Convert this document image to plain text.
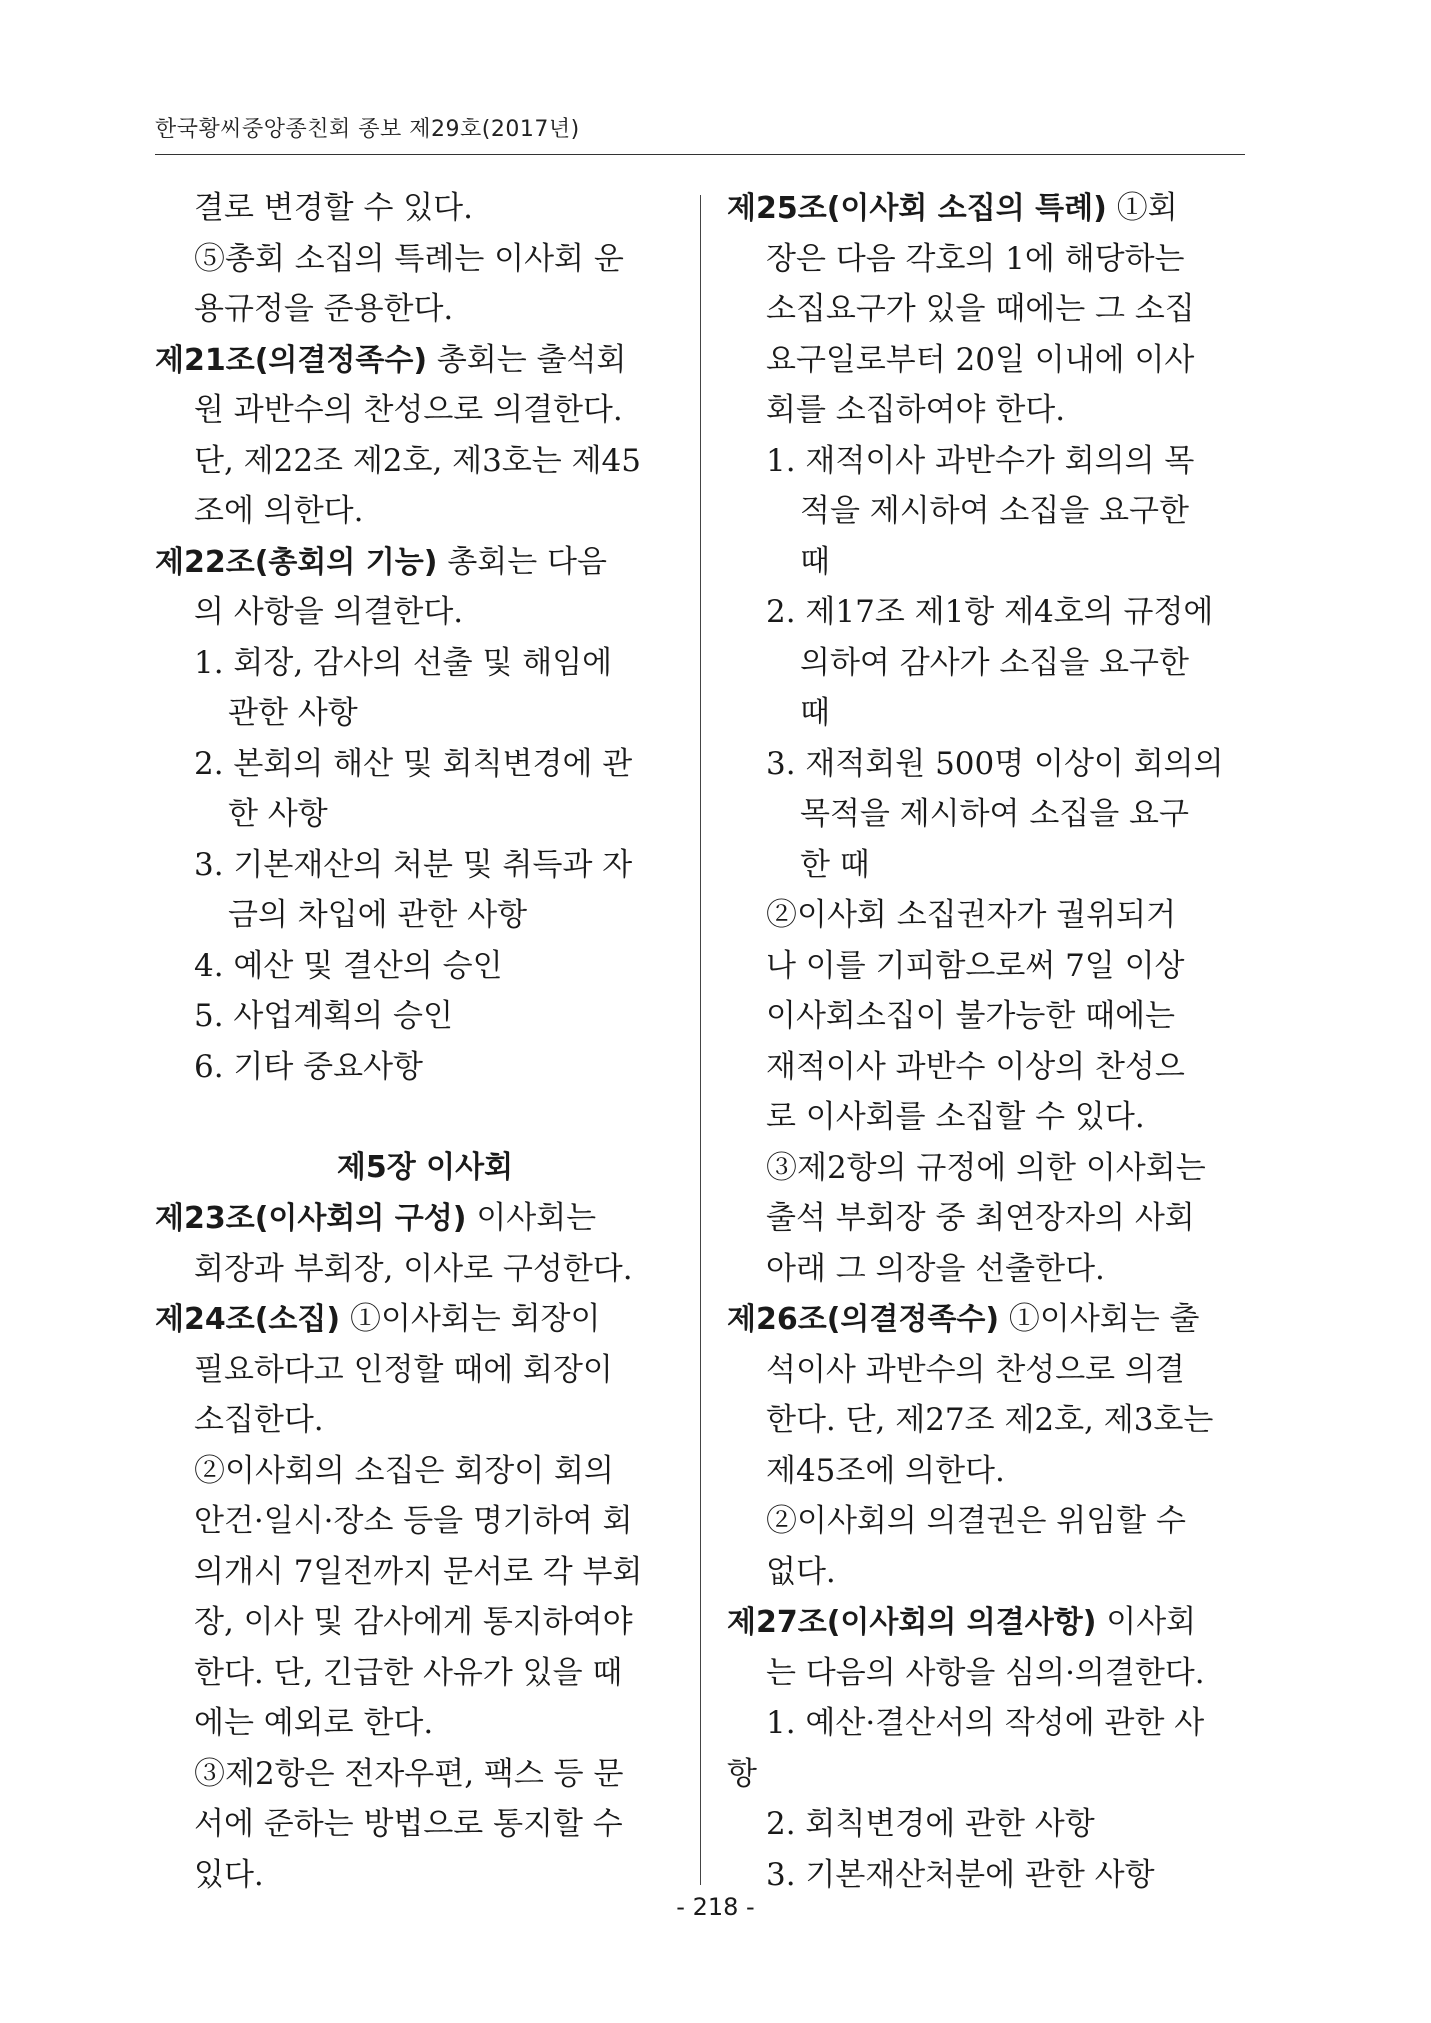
한국황씨중앙종친회 종보 제29호(2017년)
결로 변경할 수 있다.
⑤총회 소집의 특례는 이사회 운
용규정을 준용한다.
제21조(의결정족수) 총회는 출석회
원 과반수의 찬성으로 의결한다.
단, 제22조 제2호, 제3호는 제45
조에 의한다.
제22조(총회의 기능) 총회는 다음
의 사항을 의결한다.
1. 회장, 감사의 선출 및 해임에
관한 사항
2. 본회의 해산 및 회칙변경에 관
한 사항
3. 기본재산의 처분 및 취득과 자
금의 차입에 관한 사항
4. 예산 및 결산의 승인
5. 사업계획의 승인
6. 기타 중요사항
제5장 이사회
제23조(이사회의 구성) 이사회는
회장과 부회장, 이사로 구성한다.
제24조(소집) ①이사회는 회장이
필요하다고 인정할 때에 회장이
소집한다.
②이사회의 소집은 회장이 회의
안건·일시·장소 등을 명기하여 회
의개시 7일전까지 문서로 각 부회
장, 이사 및 감사에게 통지하여야
한다. 단, 긴급한 사유가 있을 때
에는 예외로 한다.
③제2항은 전자우편, 팩스 등 문
서에 준하는 방법으로 통지할 수
있다.
제25조(이사회 소집의 특례) ①회
장은 다음 각호의 1에 해당하는
소집요구가 있을 때에는 그 소집
요구일로부터 20일 이내에 이사
회를 소집하여야 한다.
1. 재적이사 과반수가 회의의 목
적을 제시하여 소집을 요구한
때
2. 제17조 제1항 제4호의 규정에
의하여 감사가 소집을 요구한
때
3. 재적회원 500명 이상이 회의의
목적을 제시하여 소집을 요구
한 때
②이사회 소집권자가 궐위되거
나 이를 기피함으로써 7일 이상
이사회소집이 불가능한 때에는
재적이사 과반수 이상의 찬성으
로 이사회를 소집할 수 있다.
③제2항의 규정에 의한 이사회는
출석 부회장 중 최연장자의 사회
아래 그 의장을 선출한다.
제26조(의결정족수) ①이사회는 출
석이사 과반수의 찬성으로 의결
한다. 단, 제27조 제2호, 제3호는
제45조에 의한다.
②이사회의 의결권은 위임할 수
없다.
제27조(이사회의 의결사항) 이사회
는 다음의 사항을 심의·의결한다.
1. 예산·결산서의 작성에 관한 사
항
2. 회칙변경에 관한 사항
3. 기본재산처분에 관한 사항
- 218 -
